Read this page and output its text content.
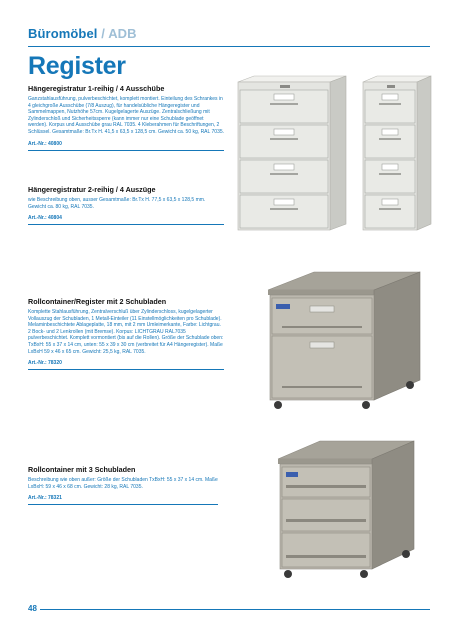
Büromöbel / ADB
Register
Hängeregistratur 1-reihig / 4 Ausschübe
Ganzstahlausführung, pulverbeschichtet, komplett montiert. Einteilung des Schrankes in 4 gleichgroße Ausschübe (7/8 Auszug), für handelsübliche Hängeregister und Sammelmappen, Nutzhöhe 57cm. Kugelgelagerte Auszüge. Zentralschließung mit Zylinderschloß und Sicherheitssperre (kann immer nur eine Schublade geöffnet werden). Korpus und Ausschübe grau RAL 7035. 4 Kleberahmen für Beschriftungen, 2 Schlüssel. Gesamtmaße: Br.Tx H. 41,5 x 63,5 x 128,5 cm. Gewicht ca. 50 kg, RAL 7035.
Art.-Nr.: 40800
Hängeregistratur 2-reihig / 4 Auszüge
wie Beschreibung oben, ausser Gesamtmaße: Br.Tx H. 77,5 x 63,5 x 128,5 mm. Gewicht ca. 80 kg, RAL 7035.
Art.-Nr.: 40804
Rollcontainer/Register mit 2 Schubladen
Komplette Stahlausführung, Zentralverschluß über Zylinderschloss, kugelgelagerter Vollauszug der Schubladen, 1 Metall-Einteiler (11 Einstellmöglichkeiten pro Schublade). Melaminbeschichtete Ablageplatte, 18 mm, mit 2 mm Umleimerkante, Farbe: Lichtgrau. 2 Bock- und 2 Lenkrollen (mit Bremse). Korpus: LICHTGRAU RAL7035 pulverbeschichtet. Komplett vormontiert (bis auf die Rollen). Größe der Schublade oben: TxBxH: 55 x 37 x 14 cm, unten: 55 x 39 x 30 cm (verbreitet für A4 Hängeregister). Maße LxBxH 59 x 46 x 65 cm. Gewicht: 25,5 kg, RAL 7035.
Art.-Nr.: 78320
Rollcontainer mit 3 Schubladen
Beschreibung wie oben außer: Größe der Schubladen TxBxH: 55 x 37 x 14 cm. Maße LxBxH: 59 x 46 x 68 cm. Gewicht: 28 kg, RAL 7035.
Art.-Nr.: 78321
48
